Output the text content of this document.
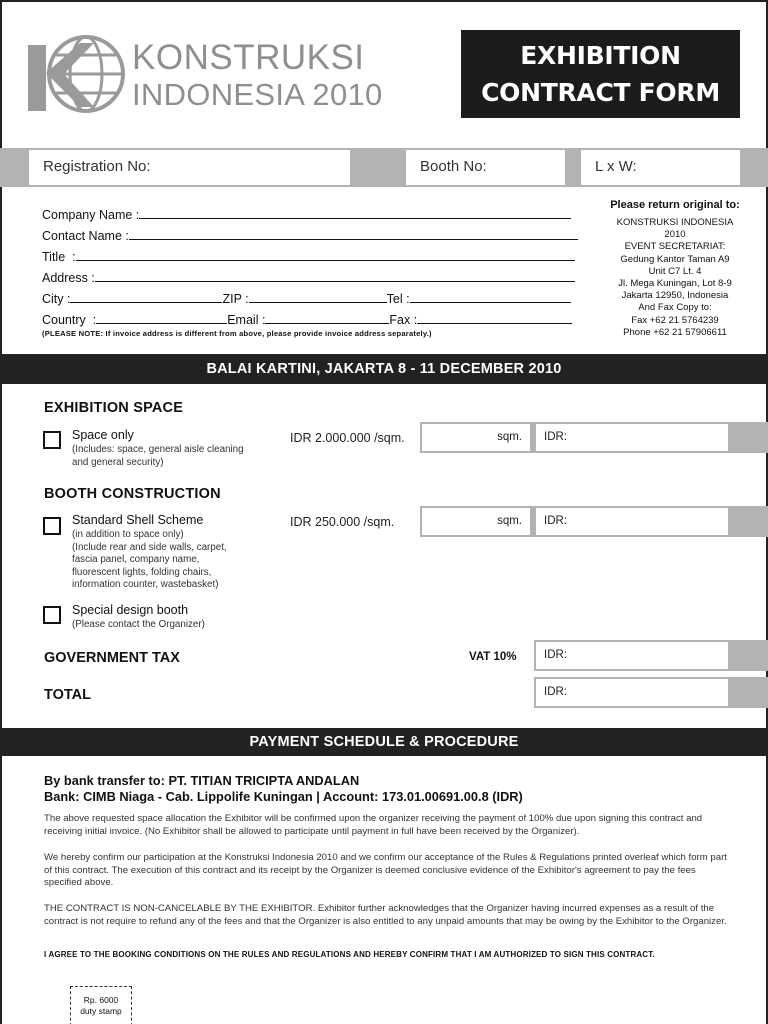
KONSTRUKSI
INDONESIA 2010
EXHIBITION
CONTRACT FORM
Registration No:	Booth No:	L x W:
Company Name :
Contact Name :
Title :
Address :
City :	ZIP :	Tel :
Country :	Email :	Fax :
(PLEASE NOTE: If invoice address is different from above, please provide invoice address separately.)
Please return original to:
KONSTRUKSI INDONESIA
2010
EVENT SECRETARIAT:
Gedung Kantor Taman A9
Unit C7 Lt. 4
Jl. Mega Kuningan, Lot 8-9
Jakarta 12950, Indonesia
And Fax Copy to:
Fax +62 21 5764239
Phone +62 21 57906611
BALAI KARTINI, JAKARTA 8 - 11 DECEMBER 2010
EXHIBITION SPACE
Space only
(Includes: space, general aisle cleaning
and general security)
IDR 2.000.000 /sqm.	sqm.	IDR:
BOOTH CONSTRUCTION
Standard Shell Scheme
(in addition to space only)
(Include rear and side walls, carpet,
fascia panel, company name,
fluorescent lights, folding chairs,
information counter, wastebasket)
IDR 250.000 /sqm.	sqm.	IDR:
Special design booth
(Please contact the Organizer)
GOVERNMENT TAX	VAT 10%	IDR:
TOTAL	IDR:
PAYMENT SCHEDULE & PROCEDURE
By bank transfer to: PT. TITIAN TRICIPTA ANDALAN
Bank: CIMB Niaga - Cab. Lippolife Kuningan | Account: 173.01.00691.00.8 (IDR)
The above requested space allocation the Exhibitor will be confirmed upon the organizer receiving the payment of 100% due upon signing this contract and receiving initial invoice. (No Exhibitor shall be allowed to participate until payment in full have been received by the Organizer).
We hereby confirm our participation at the Konstruksi Indonesia 2010 and we confirm our acceptance of the Rules & Regulations printed overleaf which form part of this contract. The execution of this contract and its receipt by the Organizer is deemed conclusive evidence of the Exhibitor's agreement to pay the fees specified above.
THE CONTRACT IS NON-CANCELABLE BY THE EXHIBITOR. Exhibitor further acknowledges that the Organizer having incurred expenses as a result of the contract is not require to refund any of the fees and that the Organizer is also entitled to any unpaid amounts that may be owing by the Exhibitor to the Organizer.
I AGREE TO THE BOOKING CONDITIONS ON THE RULES AND REGULATIONS AND HEREBY CONFIRM THAT I AM AUTHORIZED TO SIGN THIS CONTRACT.
Rp. 6000
duty stamp
